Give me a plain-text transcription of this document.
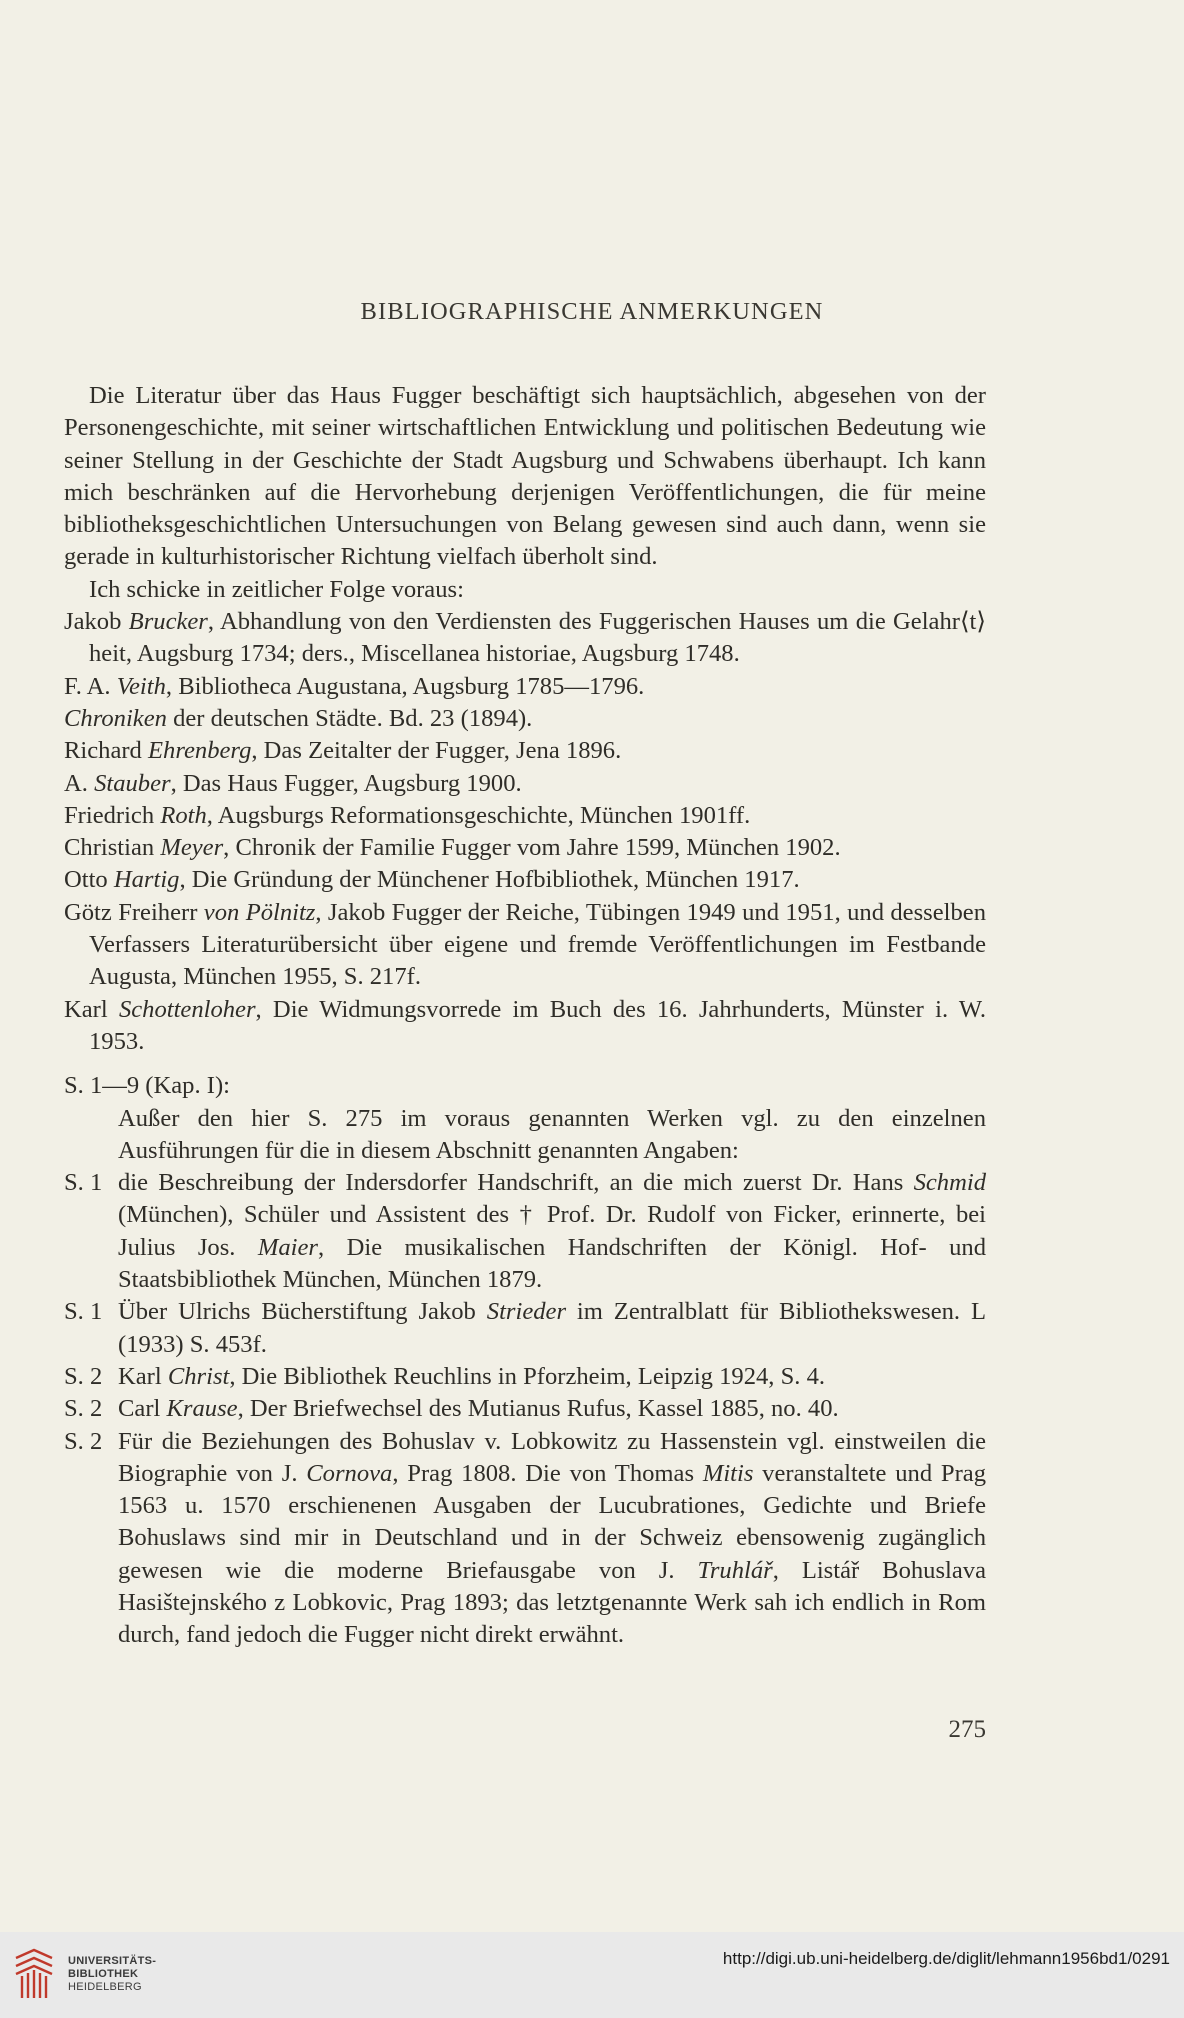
BIBLIOGRAPHISCHE ANMERKUNGEN

Die Literatur über das Haus Fugger beschäftigt sich hauptsächlich, abgesehen von der Personengeschichte, mit seiner wirtschaftlichen Entwicklung und politischen Bedeutung wie seiner Stellung in der Geschichte der Stadt Augsburg und Schwabens überhaupt. Ich kann mich beschränken auf die Hervorhebung derjenigen Veröffentlichungen, die für meine bibliotheksgeschichtlichen Untersuchungen von Belang gewesen sind auch dann, wenn sie gerade in kulturhistorischer Richtung vielfach überholt sind.

Ich schicke in zeitlicher Folge voraus:

Jakob Brucker, Abhandlung von den Verdiensten des Fuggerischen Hauses um die Gelahr⟨t⟩heit, Augsburg 1734; ders., Miscellanea historiae, Augsburg 1748.

F. A. Veith, Bibliotheca Augustana, Augsburg 1785—1796.

Chroniken der deutschen Städte. Bd. 23 (1894).

Richard Ehrenberg, Das Zeitalter der Fugger, Jena 1896.

A. Stauber, Das Haus Fugger, Augsburg 1900.

Friedrich Roth, Augsburgs Reformationsgeschichte, München 1901ff.

Christian Meyer, Chronik der Familie Fugger vom Jahre 1599, München 1902.

Otto Hartig, Die Gründung der Münchener Hofbibliothek, München 1917.

Götz Freiherr von Pölnitz, Jakob Fugger der Reiche, Tübingen 1949 und 1951, und desselben Verfassers Literaturübersicht über eigene und fremde Veröffentlichungen im Festbande Augusta, München 1955, S. 217f.

Karl Schottenloher, Die Widmungsvorrede im Buch des 16. Jahrhunderts, Münster i. W. 1953.

S. 1—9 (Kap. I):

Außer den hier S. 275 im voraus genannten Werken vgl. zu den einzelnen Ausführungen für die in diesem Abschnitt genannten Angaben:

S. 1 die Beschreibung der Indersdorfer Handschrift, an die mich zuerst Dr. Hans Schmid (München), Schüler und Assistent des † Prof. Dr. Rudolf von Ficker, erinnerte, bei Julius Jos. Maier, Die musikalischen Handschriften der Königl. Hof- und Staatsbibliothek München, München 1879.
S. 1 Über Ulrichs Bücherstiftung Jakob Strieder im Zentralblatt für Bibliothekswesen. L (1933) S. 453f.
S. 2 Karl Christ, Die Bibliothek Reuchlins in Pforzheim, Leipzig 1924, S. 4.
S. 2 Carl Krause, Der Briefwechsel des Mutianus Rufus, Kassel 1885, no. 40.
S. 2 Für die Beziehungen des Bohuslav v. Lobkowitz zu Hassenstein vgl. einstweilen die Biographie von J. Cornova, Prag 1808. Die von Thomas Mitis veranstaltete und Prag 1563 u. 1570 erschienenen Ausgaben der Lucubrationes, Gedichte und Briefe Bohuslaws sind mir in Deutschland und in der Schweiz ebensowenig zugänglich gewesen wie die moderne Briefausgabe von J. Truhlář, Listář Bohuslava Hasištejnského z Lobkovic, Prag 1893; das letztgenannte Werk sah ich endlich in Rom durch, fand jedoch die Fugger nicht direkt erwähnt.
275
UNIVERSITÄTS-
BIBLIOTHEK
HEIDELBERG
http://digi.ub.uni-heidelberg.de/diglit/lehmann1956bd1/0291
